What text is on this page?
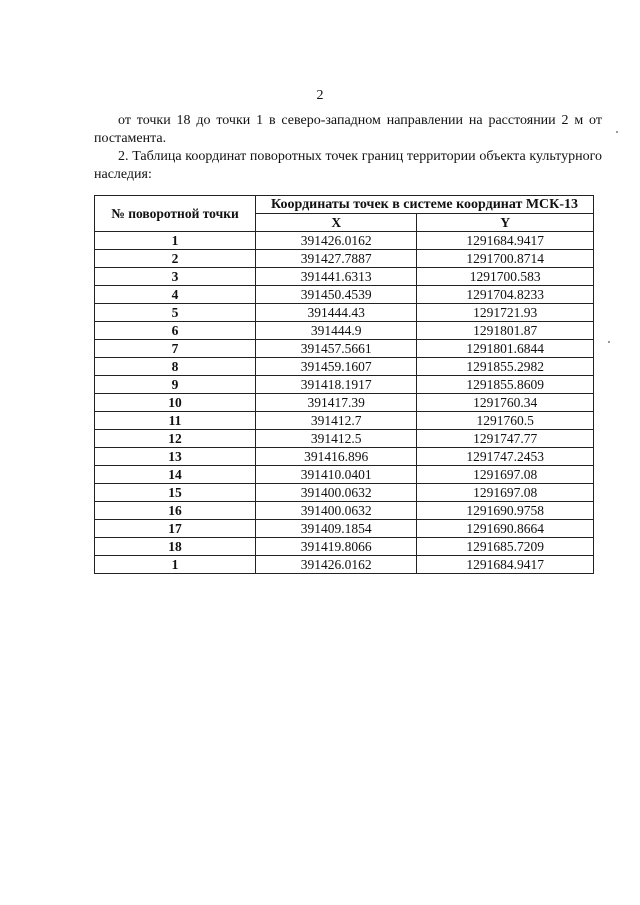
2
от точки 18 до точки 1 в северо-западном направлении на расстоянии 2 м от постамента.
2. Таблица координат поворотных точек границ территории объекта культурного наследия:
№ поворотной точки	Координаты точек в системе координат МСК-13	
	X	Y
1	391426.0162	1291684.9417
2	391427.7887	1291700.8714
3	391441.6313	1291700.583
4	391450.4539	1291704.8233
5	391444.43	1291721.93
6	391444.9	1291801.87
7	391457.5661	1291801.6844
8	391459.1607	1291855.2982
9	391418.1917	1291855.8609
10	391417.39	1291760.34
11	391412.7	1291760.5
12	391412.5	1291747.77
13	391416.896	1291747.2453
14	391410.0401	1291697.08
15	391400.0632	1291697.08
16	391400.0632	1291690.9758
17	391409.1854	1291690.8664
18	391419.8066	1291685.7209
1	391426.0162	1291684.9417
